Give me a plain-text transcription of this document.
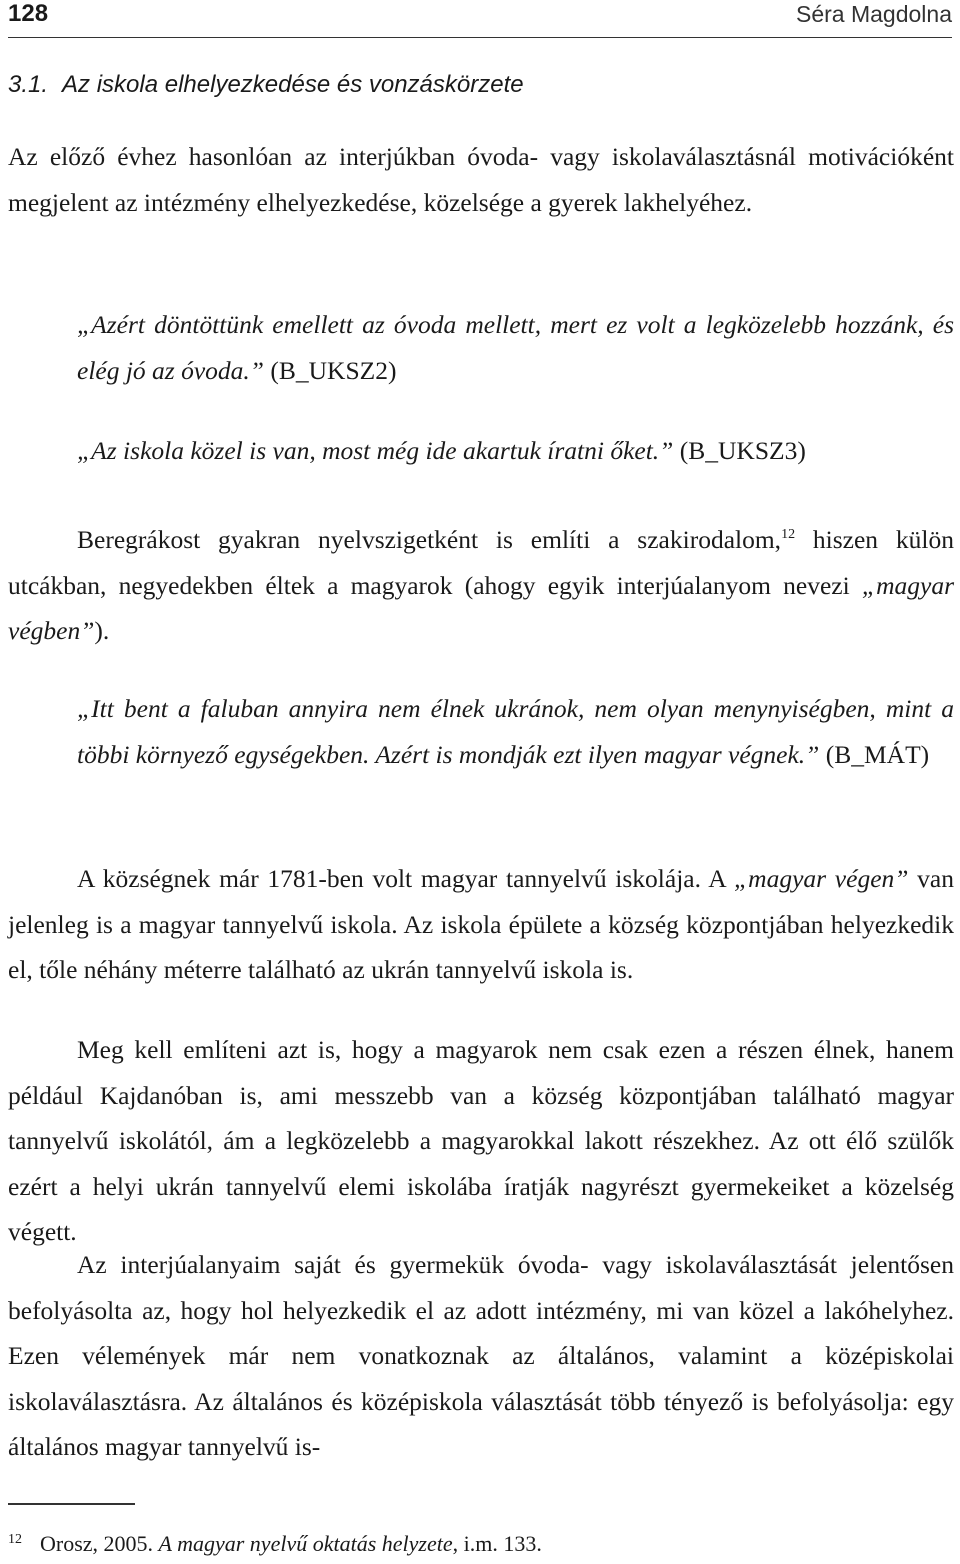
128	Séra Magdolna
3.1. Az iskola elhelyezkedése és vonzáskörzete

Az előző évhez hasonlóan az interjúkban óvoda- vagy iskolaválasztásnál motivációként megjelent az intézmény elhelyezkedése, közelsége a gyerek lakhelyéhez.

„Azért döntöttünk emellett az óvoda mellett, mert ez volt a legközelebb hozzánk, és elég jó az óvoda.” (B_UKSZ2)

„Az iskola közel is van, most még ide akartuk íratni őket.” (B_UKSZ3)

Beregrákost gyakran nyelvszigetként is említi a szakirodalom,$^{12}$ hiszen külön utcákban, negyedekben éltek a magyarok (ahogy egyik interjúalanyom nevezi „magyar végben”).

„Itt bent a faluban annyira nem élnek ukránok, nem olyan menynyiségben, mint a többi környező egységekben. Azért is mondják ezt ilyen magyar végnek.” (B_MÁT)

A községnek már 1781-ben volt magyar tannyelvű iskolája. A „magyar végen” van jelenleg is a magyar tannyelvű iskola. Az iskola épülete a község központjában helyezkedik el, tőle néhány méterre található az ukrán tannyelvű iskola is.

Meg kell említeni azt is, hogy a magyarok nem csak ezen a részen élnek, hanem például Kajdanóban is, ami messzebb van a község központjában található magyar tannyelvű iskolától, ám a legközelebb a magyarokkal lakott részekhez. Az ott élő szülők ezért a helyi ukrán tannyelvű elemi iskolába íratják nagyrészt gyermekeiket a közelség végett.

Az interjúalanyaim saját és gyermekük óvoda- vagy iskolaválasztását jelentősen befolyásolta az, hogy hol helyezkedik el az adott intézmény, mi van közel a lakóhelyhez. Ezen vélemények már nem vonatkoznak az általános, valamint a középiskolai iskolaválasztásra. Az általános és középiskola választását több tényező is befolyásolja: egy általános magyar tannyelvű is-

$^{12}$ Orosz, 2005. A magyar nyelvű oktatás helyzete, i.m. 133.
